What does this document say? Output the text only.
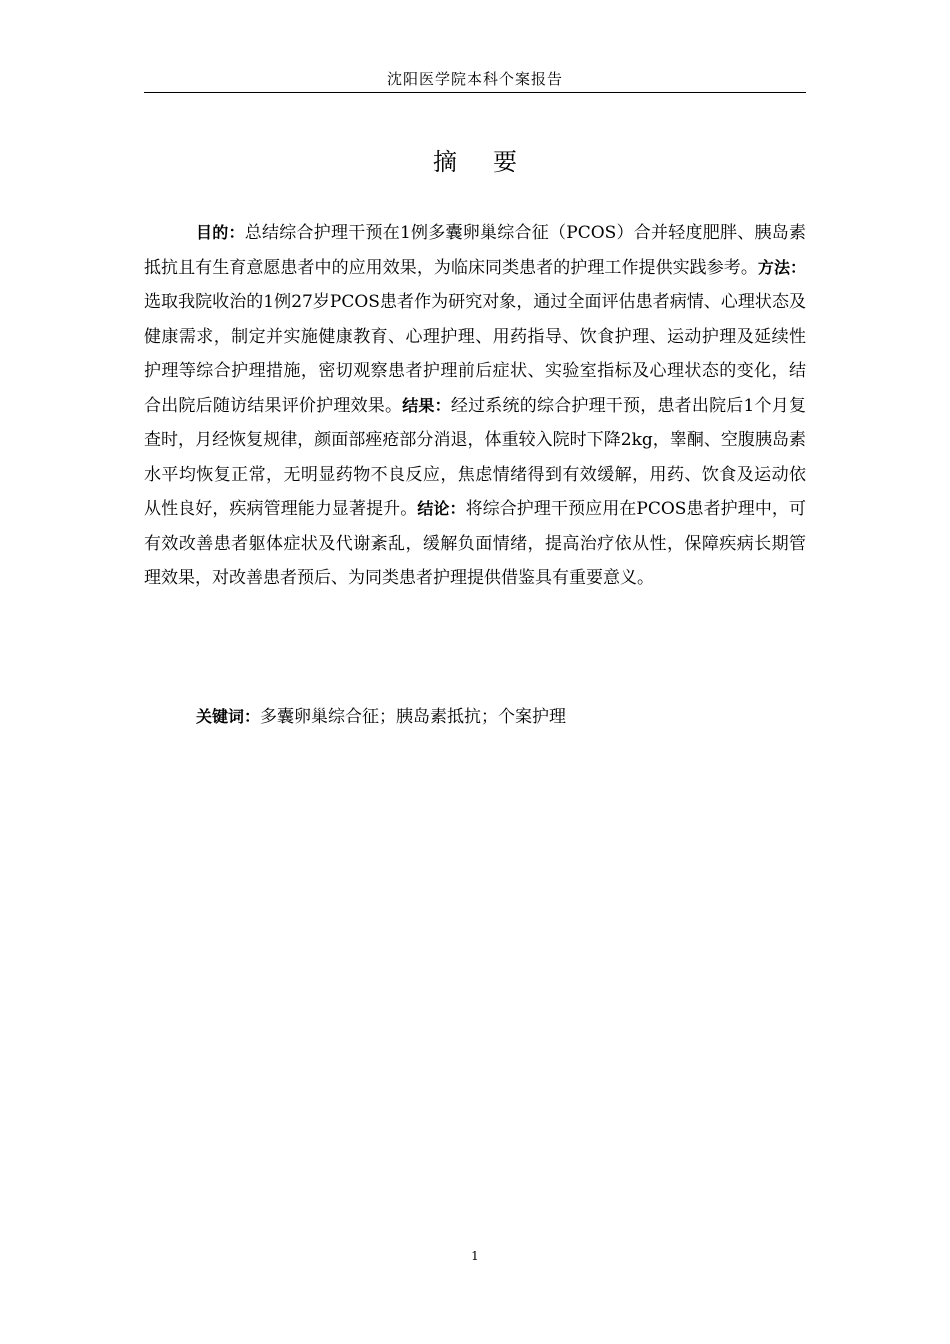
沈阳医学院本科个案报告
摘 要
目的：总结综合护理干预在1例多囊卵巢综合征（PCOS）合并轻度肥胖、胰岛素抵抗且有生育意愿患者中的应用效果，为临床同类患者的护理工作提供实践参考。方法：选取我院收治的1例27岁PCOS患者作为研究对象，通过全面评估患者病情、心理状态及健康需求，制定并实施健康教育、心理护理、用药指导、饮食护理、运动护理及延续性护理等综合护理措施，密切观察患者护理前后症状、实验室指标及心理状态的变化，结合出院后随访结果评价护理效果。结果：经过系统的综合护理干预，患者出院后1个月复查时，月经恢复规律，颜面部痤疮部分消退，体重较入院时下降2kg，睾酮、空腹胰岛素水平均恢复正常，无明显药物不良反应，焦虑情绪得到有效缓解，用药、饮食及运动依从性良好，疾病管理能力显著提升。结论：将综合护理干预应用在PCOS患者护理中，可有效改善患者躯体症状及代谢紊乱，缓解负面情绪，提高治疗依从性，保障疾病长期管理效果，对改善患者预后、为同类患者护理提供借鉴具有重要意义。
关键词：多囊卵巢综合征；胰岛素抵抗；个案护理
1
